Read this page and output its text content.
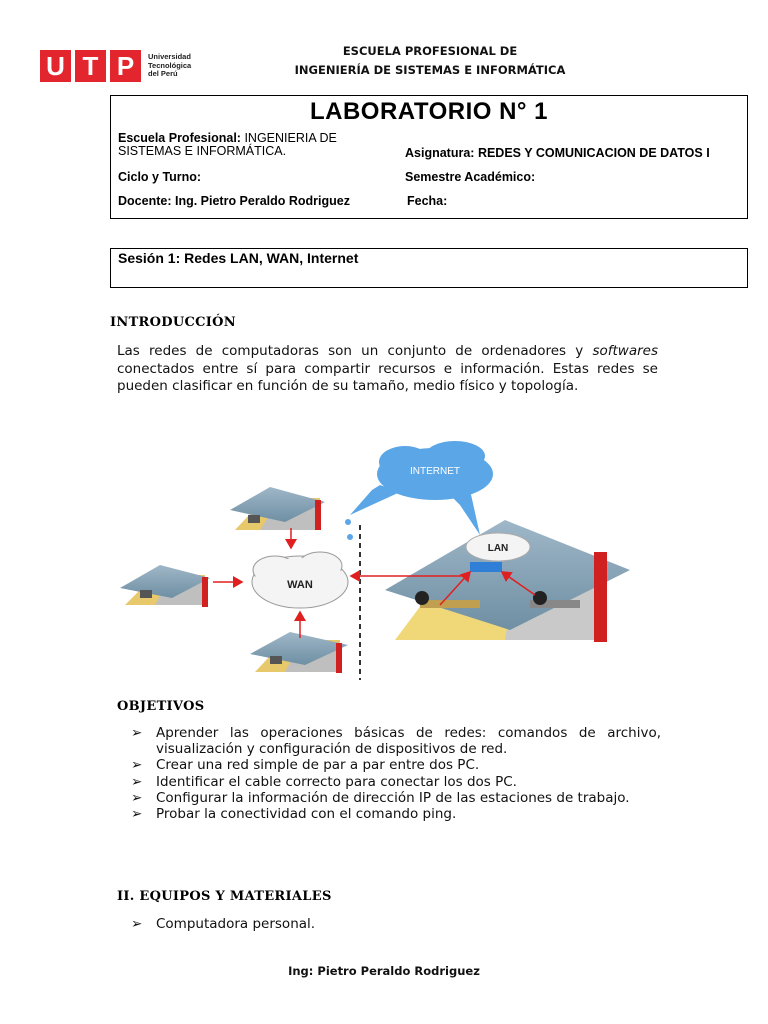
U T P	Universidad
Tecnológica
del Perú
ESCUELA PROFESIONAL DE
INGENIERÍA DE SISTEMAS E INFORMÁTICA
LABORATORIO N° 1
Escuela Profesional: INGENIERIA DE
SISTEMAS E INFORMÁTICA.	Asignatura: REDES Y COMUNICACION DE DATOS I
Ciclo y Turno:	Semestre Académico:
Docente: Ing. Pietro Peraldo Rodriguez	Fecha:
Sesión 1: Redes LAN, WAN, Internet
INTRODUCCIÓN
Las redes de computadoras son un conjunto de ordenadores y softwares conectados entre sí para compartir recursos e información. Estas redes se pueden clasificar en función de su tamaño, medio físico y topología.
WAN
INTERNET
LAN
OBJETIVOS
➢ Aprender las operaciones básicas de redes: comandos de archivo, visualización y configuración de dispositivos de red.
➢ Crear una red simple de par a par entre dos PC.
➢ Identificar el cable correcto para conectar los dos PC.
➢ Configurar la información de dirección IP de las estaciones de trabajo.
➢ Probar la conectividad con el comando ping.
II. EQUIPOS Y MATERIALES
➢ Computadora personal.
Ing: Pietro Peraldo Rodriguez
